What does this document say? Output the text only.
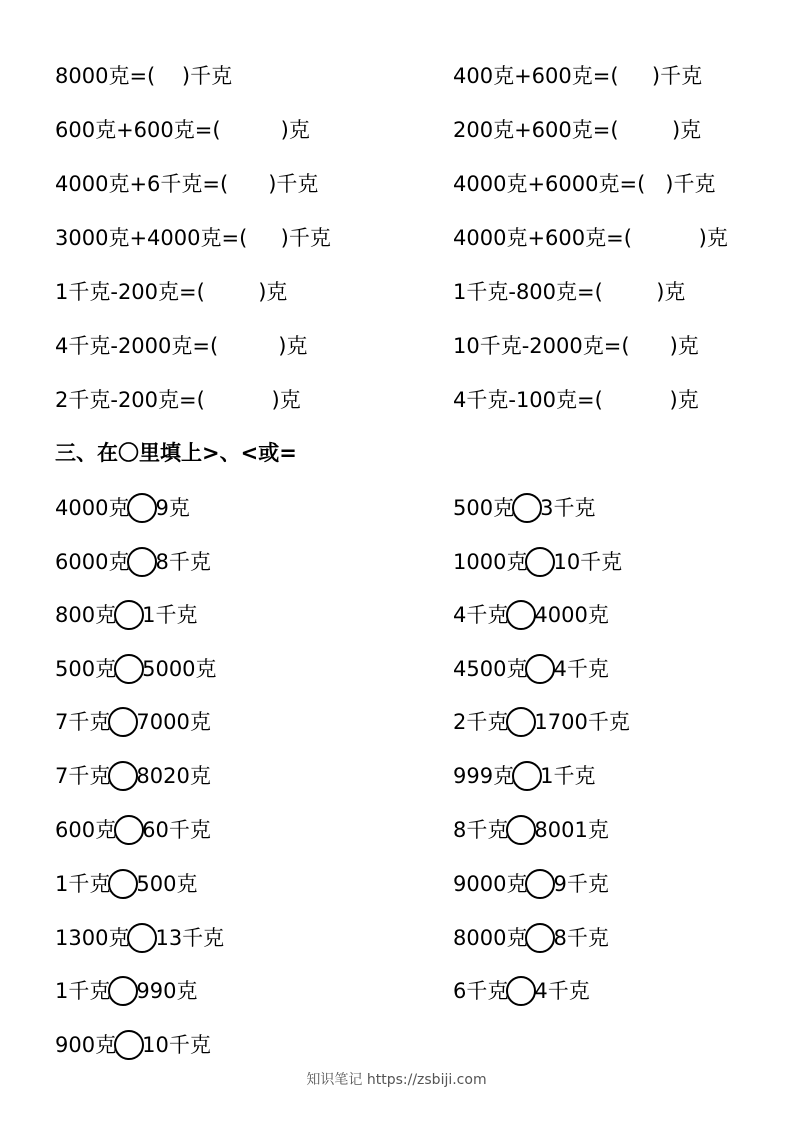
8000克=(    )千克
600克+600克=(         )克
4000克+6千克=(      )千克
3000克+4000克=(     )千克
1千克-200克=(        )克
4千克-2000克=(         )克
2千克-200克=(          )克
400克+600克=(     )千克
200克+600克=(        )克
4000克+6000克=(   )千克
4000克+600克=(          )克
1千克-800克=(        )克
10千克-2000克=(      )克
4千克-100克=(          )克
三、在〇里填上>、<或=
4000克 9克
6000克 8千克
800克 1千克
500克 5000克
7千克 7000克
7千克 8020克
600克 60千克
1千克 500克
1300克 13千克
1千克 990克
900克 10千克
500克 3千克
1000克 10千克
4千克 4000克
4500克 4千克
2千克 1700千克
999克 1千克
8千克 8001克
9000克 9千克
8000克 8千克
6千克 4千克
知识笔记 https://zsbiji.com
